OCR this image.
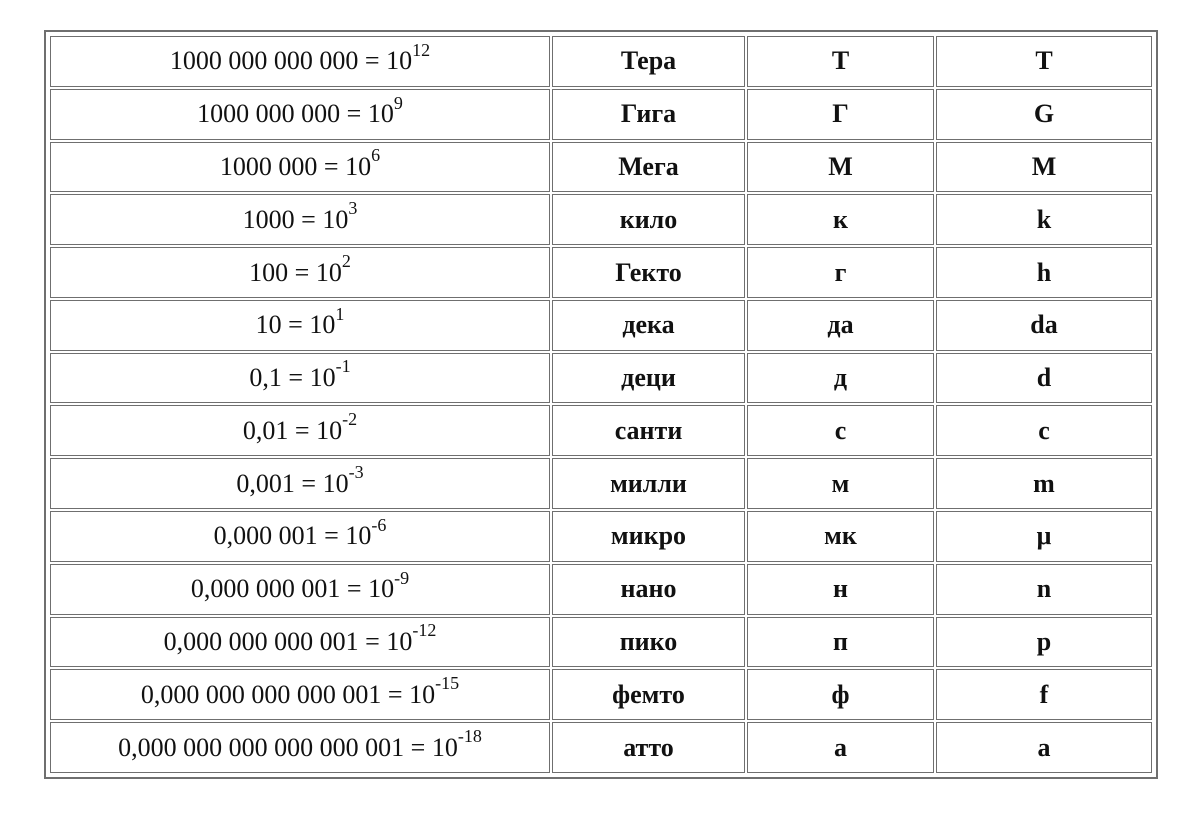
1000 000 000 $000 = 10^{12}$	Тера	Т	T
1000 000 $000 = 10^9$	Гига	Г	G
1000 $000 = 10^6$	Мега	М	M
$1000 = 10^3$	кило	к	k
$100 = 10^2$	Гекто	г	h
$10 = 10^1$	дека	да	da
$0,1 = 10^{-1}$	деци	д	d
$0,01 = 10^{-2}$	санти	с	c
$0,001 = 10^{-3}$	милли	м	m
0,000 $001 = 10^{-6}$	микро	мк	μ
0,000 000 $001 = 10^{-9}$	нано	н	n
0,000 000 000 $001 = 10^{-12}$	пико	п	p
0,000 000 000 000 $001 = 10^{-15}$	фемто	ф	f
0,000 000 000 000 000 $001 = 10^{-18}$	атто	а	a
